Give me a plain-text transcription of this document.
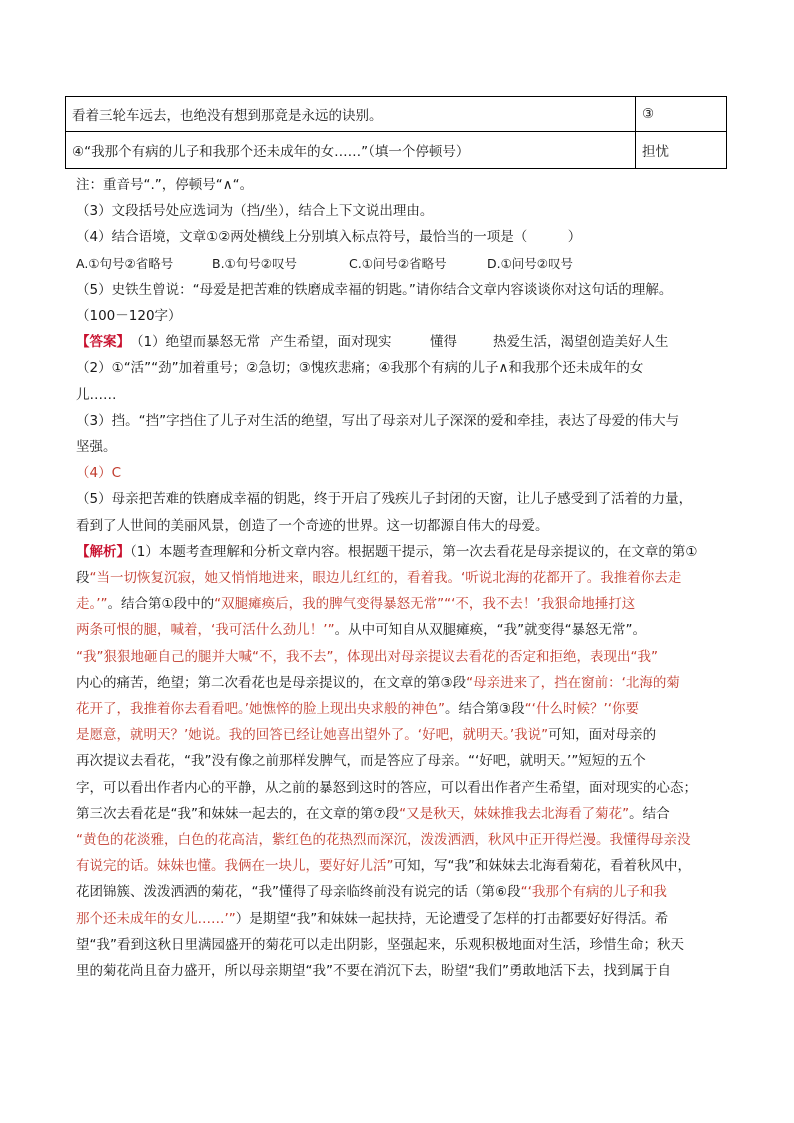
看着三轮车远去，也绝没有想到那竟是永远的诀别。	③
④“我那个有病的儿子和我那个还未成年的女……”（填一个停顿号）	担忧

注：重音号“.”，停顿号“∧“。

（3）文段括号处应选词为（挡/坐），结合上下文说出理由。

（4）结合语境，文章①②两处横线上分别填入标点符号，最恰当的一项是（　　　）

A.①句号②省略号	B.①句号②叹号	C.①问号②省略号	D.①问号②叹号

（5）史铁生曾说：“母爱是把苦难的铁磨成幸福的钥匙。”请你结合文章内容谈谈你对这句话的理解。

（100－120字）

【答案】（1）绝望而暴怒无常 产生希望，面对现实	懂得	热爱生活，渴望创造美好人生

（2）①“活”“劲”加着重号；②急切；③愧疚悲痛；④我那个有病的儿子∧和我那个还未成年的女

儿……

（3）挡。“挡”字挡住了儿子对生活的绝望，写出了母亲对儿子深深的爱和牵挂，表达了母爱的伟大与

坚强。

（4）C

（5）母亲把苦难的铁磨成幸福的钥匙，终于开启了残疾儿子封闭的天窗，让儿子感受到了活着的力量，

看到了人世间的美丽风景，创造了一个奇迹的世界。这一切都源自伟大的母爱。

【解析】（1）本题考查理解和分析文章内容。根据题干提示，第一次去看花是母亲提议的，在文章的第①

段“当一切恢复沉寂，她又悄悄地进来，眼边儿红红的，看着我。‘听说北海的花都开了。我推着你去走

走。’”。结合第①段中的“双腿瘫痪后，我的脾气变得暴怒无常”“‘不，我不去！’我狠命地捶打这

两条可恨的腿，喊着，‘我可活什么劲儿！’”。从中可知自从双腿瘫痪，“我”就变得“暴怒无常”。

“我”狠狠地砸自己的腿并大喊“不，我不去”，体现出对母亲提议去看花的否定和拒绝，表现出“我”

内心的痛苦，绝望；第二次看花也是母亲提议的，在文章的第③段“母亲进来了，挡在窗前：‘北海的菊

花开了，我推着你去看看吧。’她憔悴的脸上现出央求般的神色”。结合第③段“‘什么时候？’‘你要

是愿意，就明天？’她说。我的回答已经让她喜出望外了。‘好吧，就明天。’我说”可知，面对母亲的

再次提议去看花，“我”没有像之前那样发脾气，而是答应了母亲。“‘好吧，就明天。’”短短的五个

字，可以看出作者内心的平静，从之前的暴怒到这时的答应，可以看出作者产生希望，面对现实的心态；

第三次去看花是“我”和妹妹一起去的，在文章的第⑦段“又是秋天，妹妹推我去北海看了菊花”。结合

“黄色的花淡雅，白色的花高洁，紫红色的花热烈而深沉，泼泼洒洒，秋风中正开得烂漫。我懂得母亲没

有说完的话。妹妹也懂。我俩在一块儿，要好好儿活”可知，写“我”和妹妹去北海看菊花，看着秋风中，

花团锦簇、泼泼洒洒的菊花，“我”懂得了母亲临终前没有说完的话（第⑥段“‘我那个有病的儿子和我

那个还未成年的女儿……’”）是期望“我”和妹妹一起扶持，无论遭受了怎样的打击都要好好得活。希

望“我”看到这秋日里满园盛开的菊花可以走出阴影，坚强起来，乐观积极地面对生活，珍惜生命；秋天

里的菊花尚且奋力盛开，所以母亲期望“我”不要在消沉下去，盼望“我们”勇敢地活下去，找到属于自
